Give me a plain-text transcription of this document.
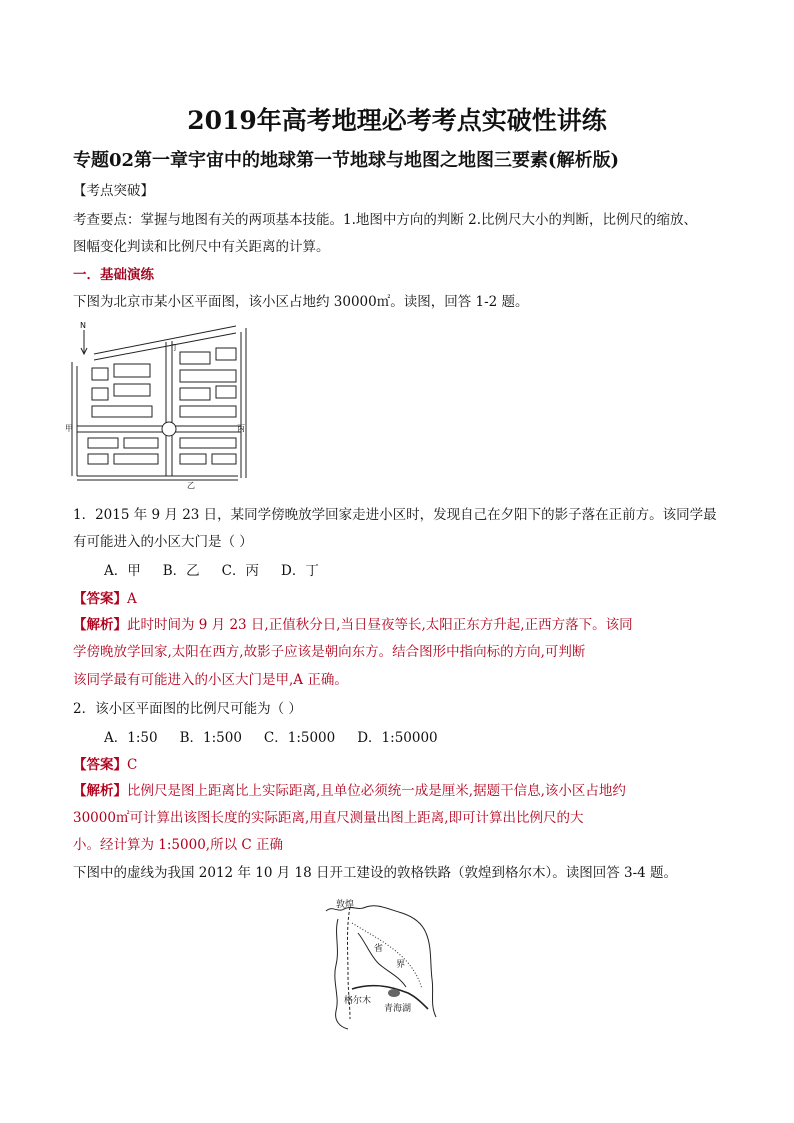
2019年高考地理必考考点实破性讲练
专题02第一章宇宙中的地球第一节地球与地图之地图三要素(解析版)
【考点突破】
考查要点：掌握与地图有关的两项基本技能。1.地图中方向的判断 2.比例尺大小的判断，比例尺的缩放、
图幅变化判读和比例尺中有关距离的计算。
一．基础演练
下图为北京市某小区平面图，该小区占地约 30000㎡。读图，回答 1-2 题。
N
丁
甲	丙
乙
1．2015 年 9 月 23 日，某同学傍晚放学回家走进小区时，发现自己在夕阳下的影子落在正前方。该同学最
有可能进入的小区大门是（ ）
A．甲 B．乙 C．丙 D．丁
【答案】A
【解析】此时时间为 9 月 23 日,正值秋分日,当日昼夜等长,太阳正东方升起,正西方落下。该同
学傍晚放学回家,太阳在西方,故影子应该是朝向东方。结合图形中指向标的方向,可判断
该同学最有可能进入的小区大门是甲,A 正确。
2．该小区平面图的比例尺可能为（ ）
A．1:50 B．1:500 C．1:5000 D．1:50000
【答案】C
【解析】比例尺是图上距离比上实际距离,且单位必须统一成是厘米,据题干信息,该小区占地约
30000㎡可计算出该图长度的实际距离,用直尺测量出图上距离,即可计算出比例尺的大
小。经计算为 1:5000,所以 C 正确
下图中的虚线为我国 2012 年 10 月 18 日开工建设的敦格铁路（敦煌到格尔木）。读图回答 3-4 题。
敦煌
省
界
格尔木
青海湖
